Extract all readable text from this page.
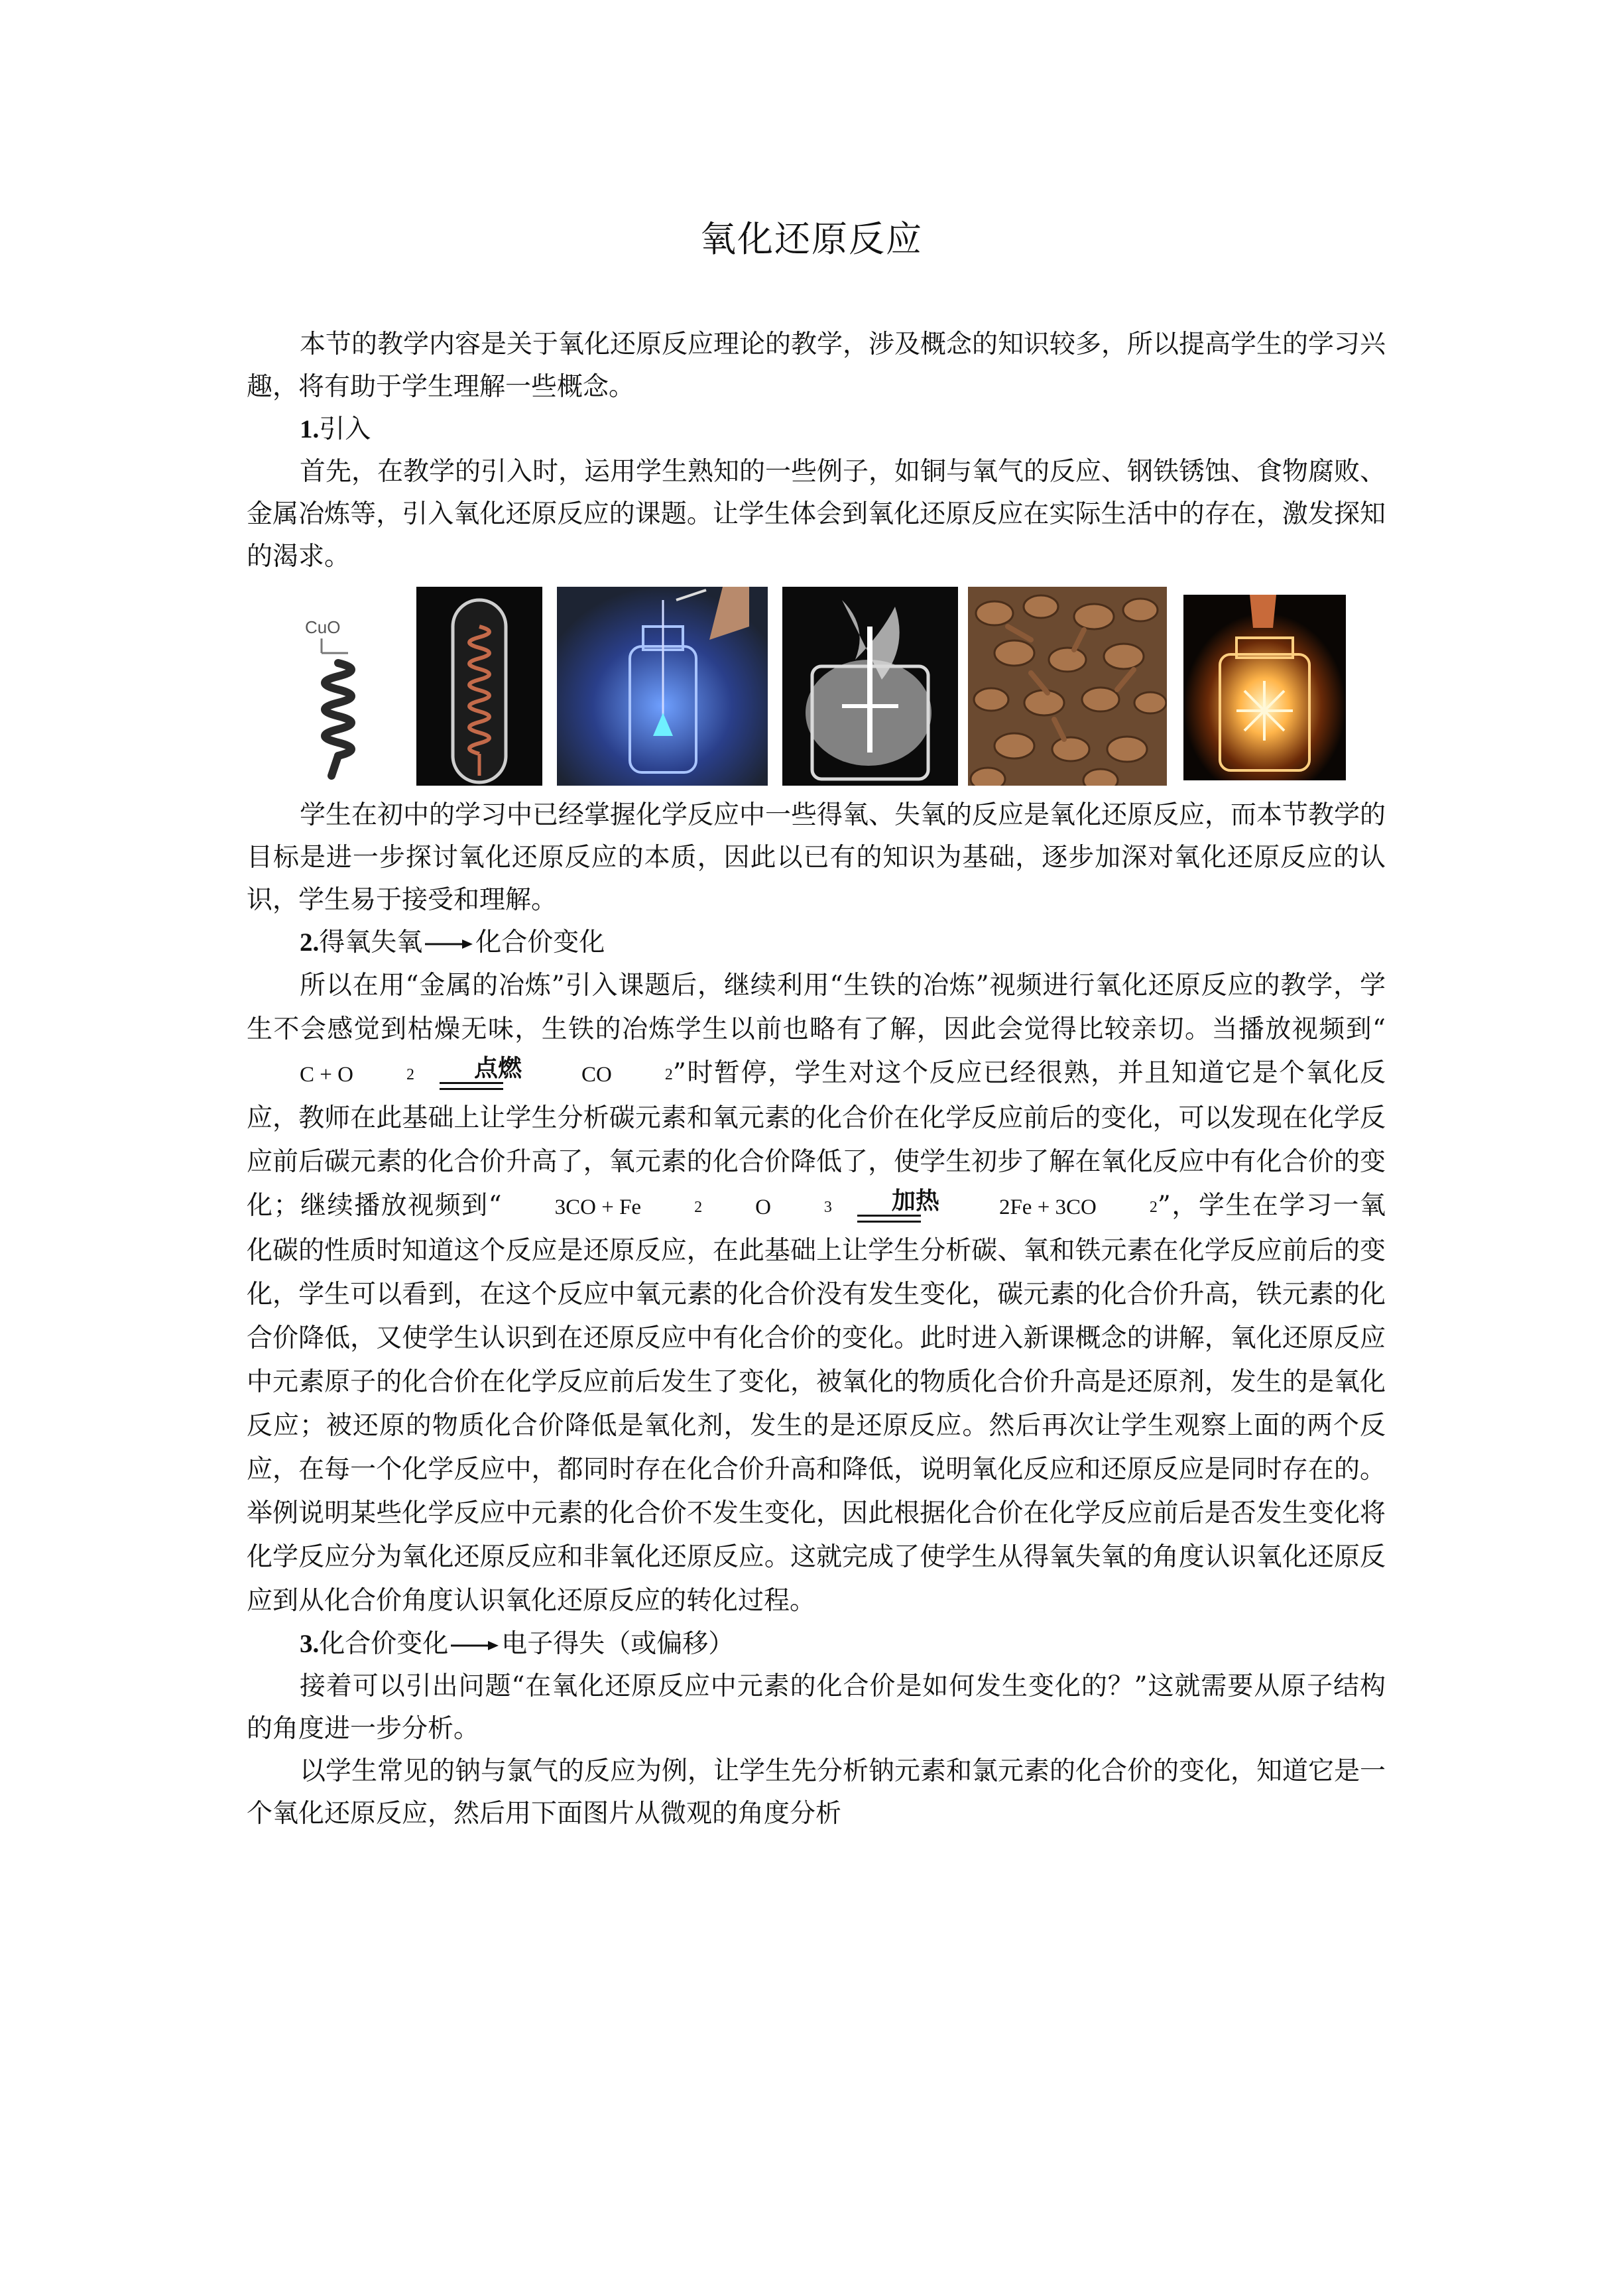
氧化还原反应

本节的教学内容是关于氧化还原反应理论的教学，涉及概念的知识较多，所以提高学生的学习兴趣，将有助于学生理解一些概念。

1.引入

首先，在教学的引入时，运用学生熟知的一些例子，如铜与氧气的反应、钢铁锈蚀、食物腐败、金属冶炼等，引入氧化还原反应的课题。让学生体会到氧化还原反应在实际生活中的存在，激发探知的渴求。

CuO

学生在初中的学习中已经掌握化学反应中一些得氧、失氧的反应是氧化还原反应，而本节教学的目标是进一步探讨氧化还原反应的本质，因此以已有的知识为基础，逐步加深对氧化还原反应的认识，学生易于接受和理解。

2.得氧失氧 化合价变化

所以在用“金属的冶炼”引入课题后，继续利用“生铁的冶炼”视频进行氧化还原反应的教学，学生不会感觉到枯燥无味，生铁的冶炼学生以前也略有了解，因此会觉得比较亲切。当播放视频到“
C + O	2	点燃	CO	2 ”时暂停，学生对这个反应已经很熟，并且知道它是个氧化反应，教师在此基础上让学生分析碳元素和氧元素的化合价在化学反应前后的变化，可以发现在化学反应前后碳元素的化合价升高了，氧元素的化合价降低了，使学生初步了解在氧化反应中有化合价的变化；继续播放视频到“	3CO + Fe	2	O	3	加热	2Fe + 3CO	2 ”，学生在学习一氧化碳的性质时知道这个反应是还原反应，在此基础上让学生分析碳、氧和铁元素在化学反应前后的变化，学生可以看到，在这个反应中氧元素的化合价没有发生变化，碳元素的化合价升高，铁元素的化合价降低，又使学生认识到在还原反应中有化合价的变化。此时进入新课概念的讲解，氧化还原反应中元素原子的化合价在化学反应前后发生了变化，被氧化的物质化合价升高是还原剂，发生的是氧化反应；被还原的物质化合价降低是氧化剂，发生的是还原反应。然后再次让学生观察上面的两个反应，在每一个化学反应中，都同时存在化合价升高和降低，说明氧化反应和还原反应是同时存在的。举例说明某些化学反应中元素的化合价不发生变化，因此根据化合价在化学反应前后是否发生变化将化学反应分为氧化还原反应和非氧化还原反应。这就完成了使学生从得氧失氧的角度认识氧化还原反应到从化合价角度认识氧化还原反应的转化过程。

3.化合价变化 电子得失（或偏移）

接着可以引出问题“在氧化还原反应中元素的化合价是如何发生变化的？”这就需要从原子结构的角度进一步分析。

以学生常见的钠与氯气的反应为例，让学生先分析钠元素和氯元素的化合价的变化，知道它是一个氧化还原反应，然后用下面图片从微观的角度分析
